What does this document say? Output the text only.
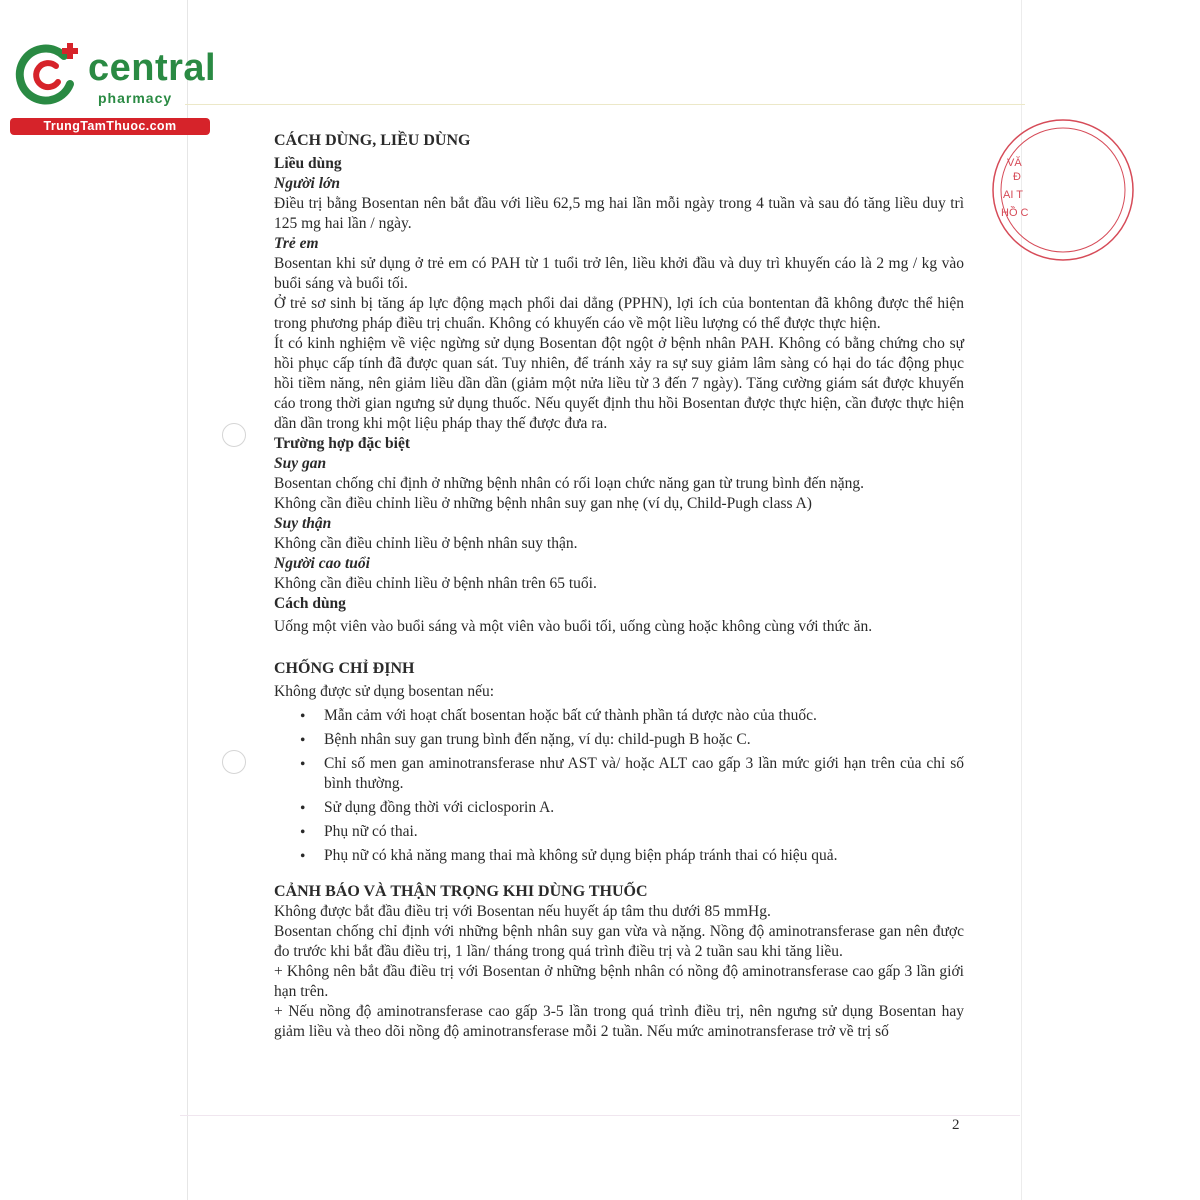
central
pharmacy
TrungTamThuoc.com
VĂ
Đ
AI T
HỒ C

CÁCH DÙNG, LIỀU DÙNG

Liều dùng

Người lớn

Điều trị bằng Bosentan nên bắt đầu với liều 62,5 mg hai lần mỗi ngày trong 4 tuần và sau đó tăng liều duy trì 125 mg hai lần / ngày.

Trẻ em

Bosentan khi sử dụng ở trẻ em có PAH từ 1 tuổi trở lên, liều khởi đầu và duy trì khuyến cáo là 2 mg / kg vào buổi sáng và buổi tối.

Ở trẻ sơ sinh bị tăng áp lực động mạch phổi dai dẳng (PPHN), lợi ích của bontentan đã không được thể hiện trong phương pháp điều trị chuẩn. Không có khuyến cáo về một liều lượng có thể được thực hiện.

Ít có kinh nghiệm về việc ngừng sử dụng Bosentan đột ngột ở bệnh nhân PAH. Không có bằng chứng cho sự hồi phục cấp tính đã được quan sát. Tuy nhiên, để tránh xảy ra sự suy giảm lâm sàng có hại do tác động phục hồi tiềm năng, nên giảm liều dần dần (giảm một nửa liều từ 3 đến 7 ngày). Tăng cường giám sát được khuyến cáo trong thời gian ngưng sử dụng thuốc. Nếu quyết định thu hồi Bosentan được thực hiện, cần được thực hiện dần dần trong khi một liệu pháp thay thế được đưa ra.

Trường hợp đặc biệt

Suy gan

Bosentan chống chỉ định ở những bệnh nhân có rối loạn chức năng gan từ trung bình đến nặng.

Không cần điều chỉnh liều ở những bệnh nhân suy gan nhẹ (ví dụ, Child-Pugh class A)

Suy thận

Không cần điều chỉnh liều ở bệnh nhân suy thận.

Người cao tuổi

Không cần điều chỉnh liều ở bệnh nhân trên 65 tuổi.

Cách dùng

Uống một viên vào buổi sáng và một viên vào buổi tối, uống cùng hoặc không cùng với thức ăn.

CHỐNG CHỈ ĐỊNH

Không được sử dụng bosentan nếu:

• Mẫn cảm với hoạt chất bosentan hoặc bất cứ thành phần tá dược nào của thuốc.
• Bệnh nhân suy gan trung bình đến nặng, ví dụ: child-pugh B hoặc C.
• Chỉ số men gan aminotransferase như AST và/ hoặc ALT cao gấp 3 lần mức giới hạn trên của chỉ số bình thường.
• Sử dụng đồng thời với ciclosporin A.
• Phụ nữ có thai.
• Phụ nữ có khả năng mang thai mà không sử dụng biện pháp tránh thai có hiệu quả.

CẢNH BÁO VÀ THẬN TRỌNG KHI DÙNG THUỐC

Không được bắt đầu điều trị với Bosentan nếu huyết áp tâm thu dưới 85 mmHg.

Bosentan chống chỉ định với những bệnh nhân suy gan vừa và nặng. Nồng độ aminotransferase gan nên được đo trước khi bắt đầu điều trị, 1 lần/ tháng trong quá trình điều trị và 2 tuần sau khi tăng liều.

+ Không nên bắt đầu điều trị với Bosentan ở những bệnh nhân có nồng độ aminotransferase cao gấp 3 lần giới hạn trên.

+ Nếu nồng độ aminotransferase cao gấp 3-5 lần trong quá trình điều trị, nên ngưng sử dụng Bosentan hay giảm liều và theo dõi nồng độ aminotransferase mỗi 2 tuần. Nếu mức aminotransferase trở về trị số

2
